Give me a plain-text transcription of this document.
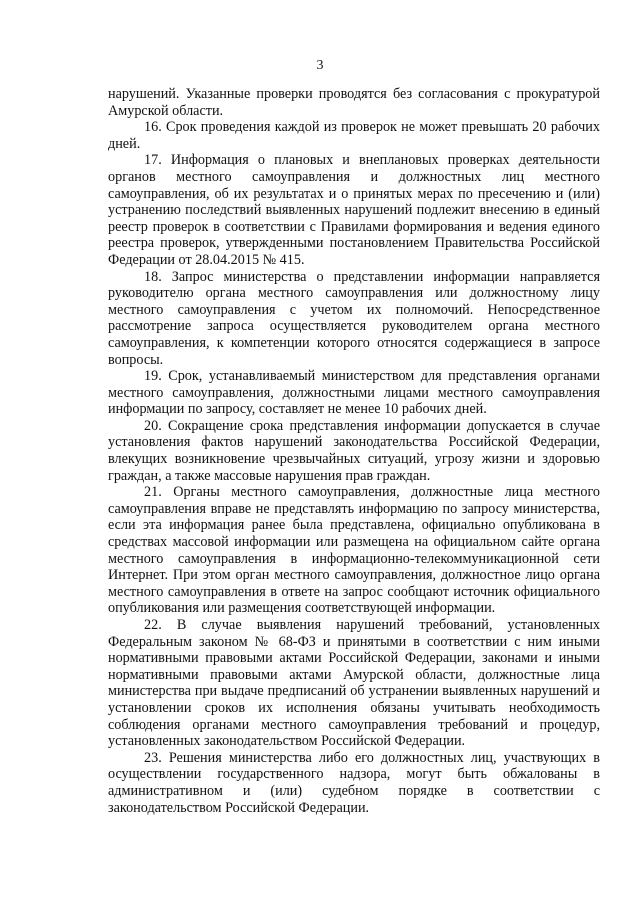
3

нарушений. Указанные проверки проводятся без согласования с прокуратурой Амурской области.

16. Срок проведения каждой из проверок не может превышать 20 рабочих дней.

17. Информация о плановых и внеплановых проверках деятельности органов местного самоуправления и должностных лиц местного самоуправления, об их результатах и о принятых мерах по пресечению и (или) устранению последствий выявленных нарушений подлежит внесению в единый реестр проверок в соответствии с Правилами формирования и ведения единого реестра проверок, утвержденными постановлением Правительства Российской Федерации от 28.04.2015 № 415.

18. Запрос министерства о представлении информации направляется руководителю органа местного самоуправления или должностному лицу местного самоуправления с учетом их полномочий. Непосредственное рассмотрение запроса осуществляется руководителем органа местного самоуправления, к компетенции которого относятся содержащиеся в запросе вопросы.

19. Срок, устанавливаемый министерством для представления органами местного самоуправления, должностными лицами местного самоуправления информации по запросу, составляет не менее 10 рабочих дней.

20. Сокращение срока представления информации допускается в случае установления фактов нарушений законодательства Российской Федерации, влекущих возникновение чрезвычайных ситуаций, угрозу жизни и здоровью граждан, а также массовые нарушения прав граждан.

21. Органы местного самоуправления, должностные лица местного самоуправления вправе не представлять информацию по запросу министерства, если эта информация ранее была представлена, официально опубликована в средствах массовой информации или размещена на официальном сайте органа местного самоуправления в информационно-телекоммуникационной сети Интернет. При этом орган местного самоуправления, должностное лицо органа местного самоуправления в ответе на запрос сообщают источник официального опубликования или размещения соответствующей информации.

22. В случае выявления нарушений требований, установленных Федеральным законом № 68-ФЗ и принятыми в соответствии с ним иными нормативными правовыми актами Российской Федерации, законами и иными нормативными правовыми актами Амурской области, должностные лица министерства при выдаче предписаний об устранении выявленных нарушений и установлении сроков их исполнения обязаны учитывать необходимость соблюдения органами местного самоуправления требований и процедур, установленных законодательством Российской Федерации.

23. Решения министерства либо его должностных лиц, участвующих в осуществлении государственного надзора, могут быть обжалованы в административном и (или) судебном порядке в соответствии с законодательством Российской Федерации.
